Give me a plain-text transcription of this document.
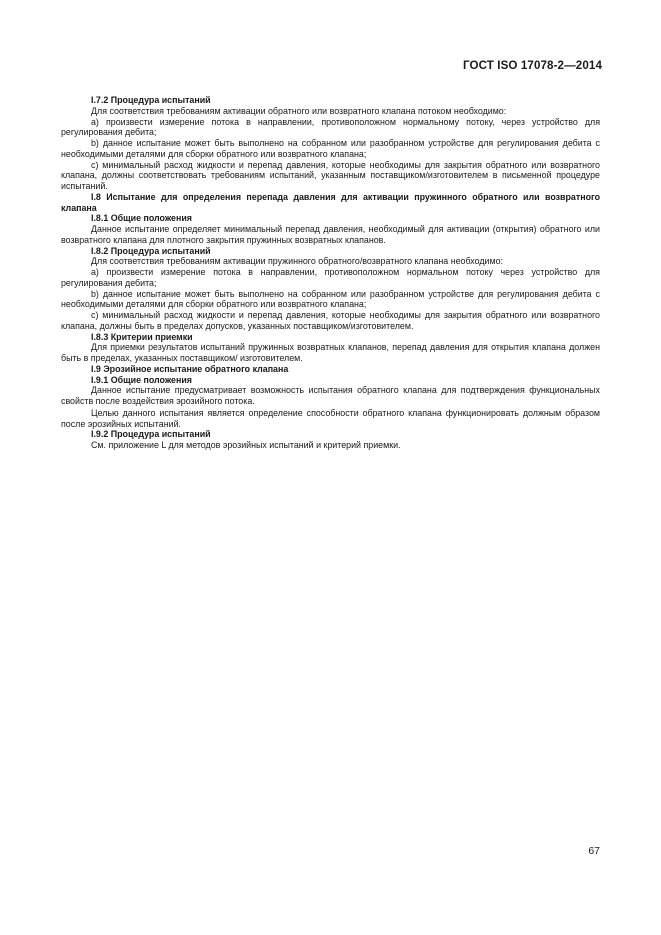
ГОСТ ISO 17078-2—2014

I.7.2 Процедура испытаний

Для соответствия требованиям активации обратного или возвратного клапана потоком необходимо:

а) произвести измерение потока в направлении, противоположном нормальному потоку, через устройство для регулирования дебита;

b) данное испытание может быть выполнено на собранном или разобранном устройстве для регулирования дебита с необходимыми деталями для сборки обратного или возвратного клапана;

с) минимальный расход жидкости и перепад давления, которые необходимы для закрытия обратного или возвратного клапана, должны соответствовать требованиям испытаний, указанным поставщиком/изготовителем в письменной процедуре испытаний.

I.8 Испытание для определения перепада давления для активации пружинного обратного или возвратного клапана

I.8.1 Общие положения

Данное испытание определяет минимальный перепад давления, необходимый для активации (открытия) обратного или возвратного клапана для плотного закрытия пружинных возвратных клапанов.

I.8.2 Процедура испытаний

Для соответствия требованиям активации пружинного обратного/возвратного клапана необходимо:

а) произвести измерение потока в направлении, противоположном нормальном потоку через устройство для регулирования дебита;

b) данное испытание может быть выполнено на собранном или разобранном устройстве для регулирования дебита с необходимыми деталями для сборки обратного или возвратного клапана;

с) минимальный расход жидкости и перепад давления, которые необходимы для закрытия обратного или возвратного клапана, должны быть в пределах допусков, указанных поставщиком/изготовителем.

I.8.3 Критерии приемки

Для приемки результатов испытаний пружинных возвратных клапанов, перепад давления для открытия клапана должен быть в пределах, указанных поставщиком/ изготовителем.

I.9 Эрозийное испытание обратного клапана

I.9.1 Общие положения

Данное испытание предусматривает возможность испытания обратного клапана для подтверждения функциональных свойств после воздействия эрозийного потока.

Целью данного испытания является определение способности обратного клапана функционировать должным образом после эрозийных испытаний.

I.9.2 Процедура испытаний

См. приложение L для методов эрозийных испытаний и критерий приемки.

67
